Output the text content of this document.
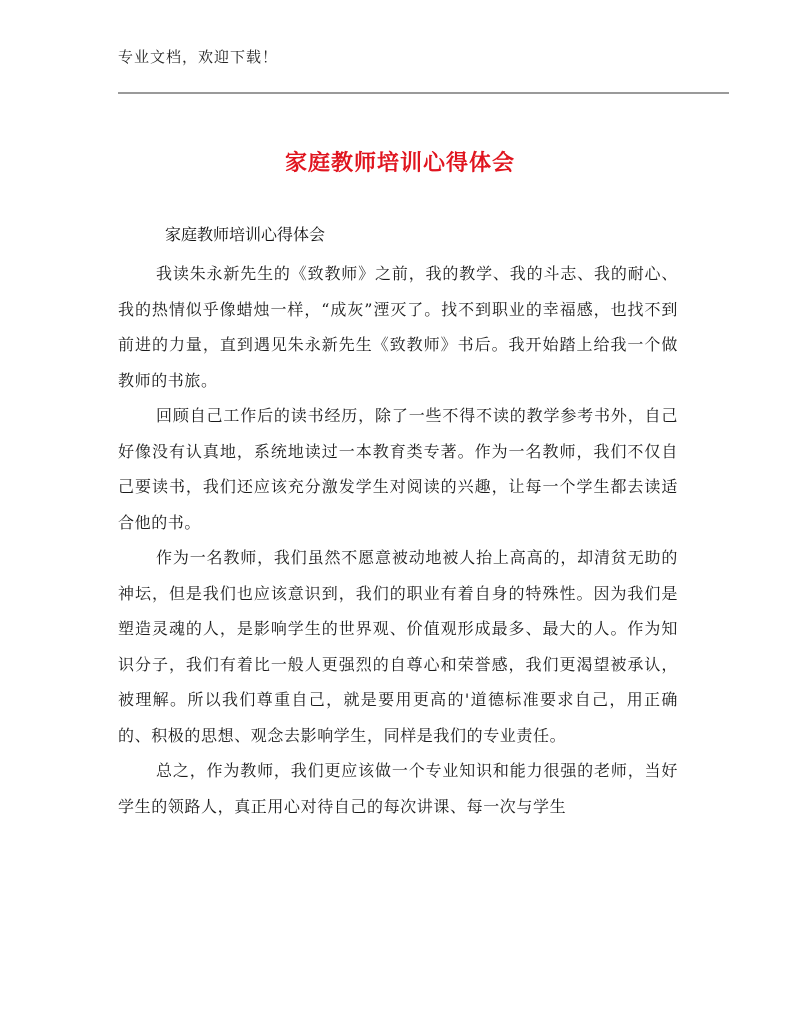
专业文档，欢迎下载！
家庭教师培训心得体会
家庭教师培训心得体会

我读朱永新先生的《致教师》之前，我的教学、我的斗志、我的耐心、我的热情似乎像蜡烛一样，“成灰”湮灭了。找不到职业的幸福感，也找不到前进的力量，直到遇见朱永新先生《致教师》书后。我开始踏上给我一个做教师的书旅。

回顾自己工作后的读书经历，除了一些不得不读的教学参考书外，自己好像没有认真地，系统地读过一本教育类专著。作为一名教师，我们不仅自己要读书，我们还应该充分激发学生对阅读的兴趣，让每一个学生都去读适合他的书。

作为一名教师，我们虽然不愿意被动地被人抬上高高的，却清贫无助的神坛，但是我们也应该意识到，我们的职业有着自身的特殊性。因为我们是塑造灵魂的人，是影响学生的世界观、价值观形成最多、最大的人。作为知识分子，我们有着比一般人更强烈的自尊心和荣誉感，我们更渴望被承认，被理解。所以我们尊重自己，就是要用更高的'道德标准要求自己，用正确的、积极的思想、观念去影响学生，同样是我们的专业责任。

总之，作为教师，我们更应该做一个专业知识和能力很强的老师，当好学生的领路人，真正用心对待自己的每次讲课、每一次与学生
